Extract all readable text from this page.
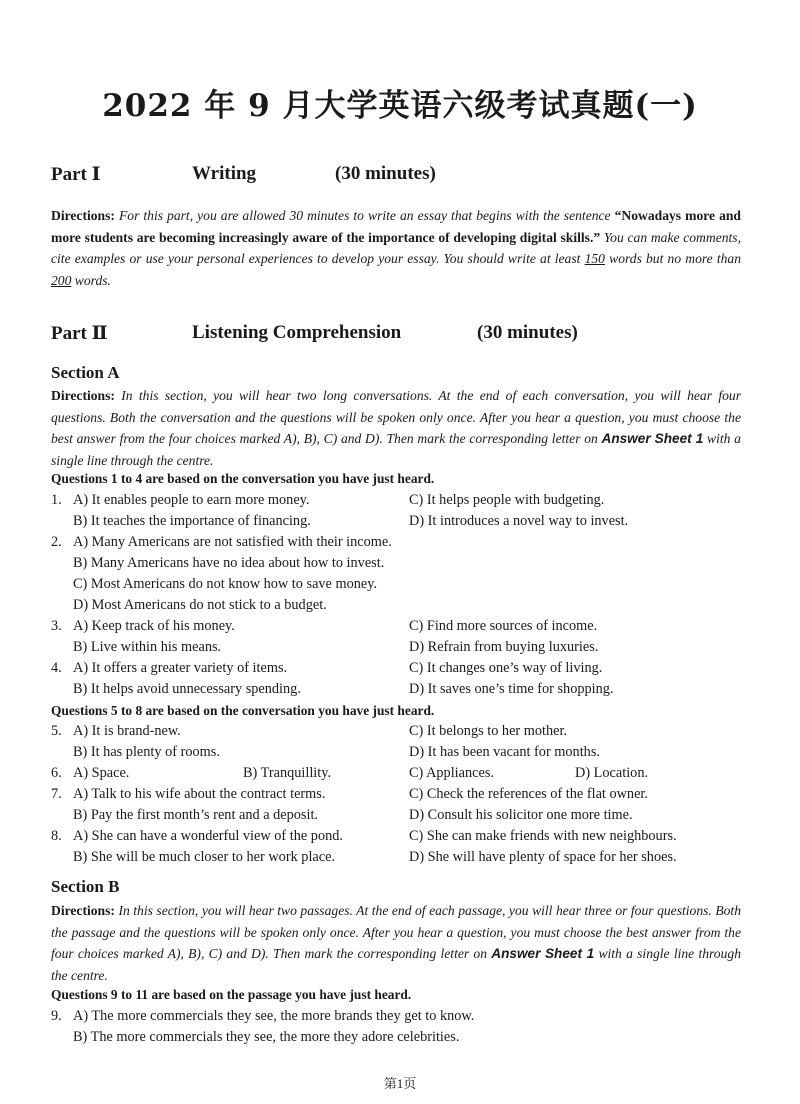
2022 年 9 月大学英语六级考试真题(一)
Part Ⅰ	Writing	(30 minutes)
Directions: For this part, you are allowed 30 minutes to write an essay that begins with the sentence “Nowadays more and more students are becoming increasingly aware of the importance of developing digital skills.” You can make comments, cite examples or use your personal experiences to develop your essay. You should write at least 150 words but no more than 200 words.
Part Ⅱ	Listening Comprehension	(30 minutes)
Section A
Directions: In this section, you will hear two long conversations. At the end of each conversation, you will hear four questions. Both the conversation and the questions will be spoken only once. After you hear a question, you must choose the best answer from the four choices marked A), B), C) and D). Then mark the corresponding letter on Answer Sheet 1 with a single line through the centre.
Questions 1 to 4 are based on the conversation you have just heard.
1. A) It enables people to earn more money.	C) It helps people with budgeting.
B) It teaches the importance of financing.	D) It introduces a novel way to invest.
2. A) Many Americans are not satisfied with their income.
B) Many Americans have no idea about how to invest.
C) Most Americans do not know how to save money.
D) Most Americans do not stick to a budget.
3. A) Keep track of his money.	C) Find more sources of income.
B) Live within his means.	D) Refrain from buying luxuries.
4. A) It offers a greater variety of items.	C) It changes one’s way of living.
B) It helps avoid unnecessary spending.	D) It saves one’s time for shopping.
Questions 5 to 8 are based on the conversation you have just heard.
5. A) It is brand-new.	C) It belongs to her mother.
B) It has plenty of rooms.	D) It has been vacant for months.
6. A) Space.	B) Tranquillity.	C) Appliances.	D) Location.
7. A) Talk to his wife about the contract terms.	C) Check the references of the flat owner.
B) Pay the first month’s rent and a deposit.	D) Consult his solicitor one more time.
8. A) She can have a wonderful view of the pond.	C) She can make friends with new neighbours.
B) She will be much closer to her work place.	D) She will have plenty of space for her shoes.
Section B
Directions: In this section, you will hear two passages. At the end of each passage, you will hear three or four questions. Both the passage and the questions will be spoken only once. After you hear a question, you must choose the best answer from the four choices marked A), B), C) and D). Then mark the corresponding letter on Answer Sheet 1 with a single line through the centre.
Questions 9 to 11 are based on the passage you have just heard.
9. A) The more commercials they see, the more brands they get to know.
B) The more commercials they see, the more they adore celebrities.
第1页
